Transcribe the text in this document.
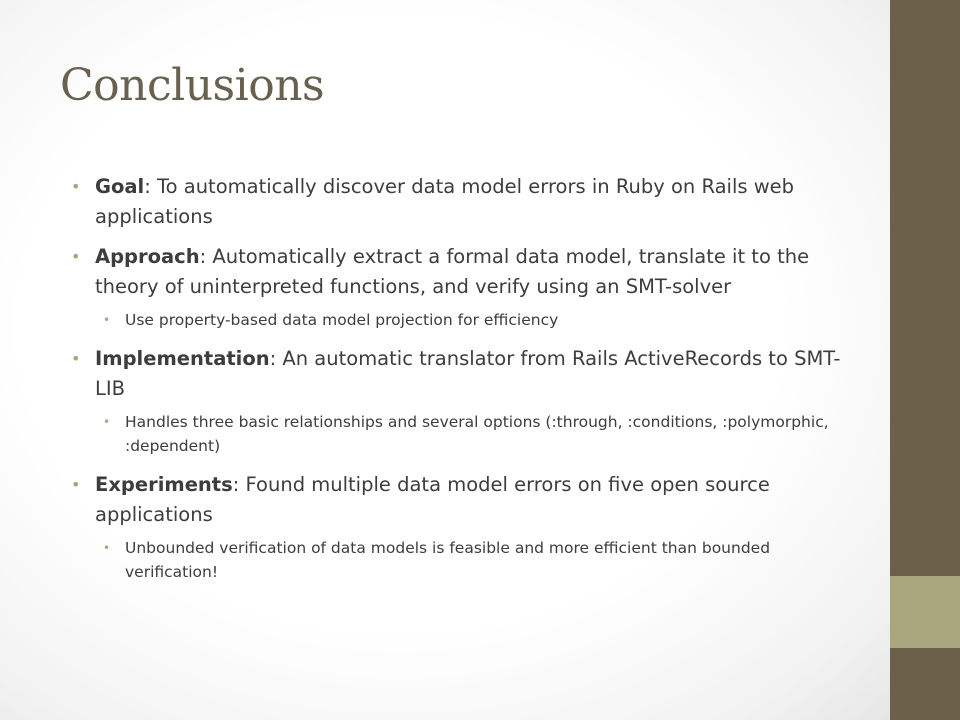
Conclusions
• Goal: To automatically discover data model errors in Ruby on Rails web applications
• Approach: Automatically extract a formal data model, translate it to the theory of uninterpreted functions, and verify using an SMT-solver
• Use property-based data model projection for efficiency
• Implementation: An automatic translator from Rails ActiveRecords to SMT-LIB
• Handles three basic relationships and several options (:through, :conditions, :polymorphic, :dependent)
• Experiments: Found multiple data model errors on five open source applications
• Unbounded verification of data models is feasible and more efficient than bounded verification!
